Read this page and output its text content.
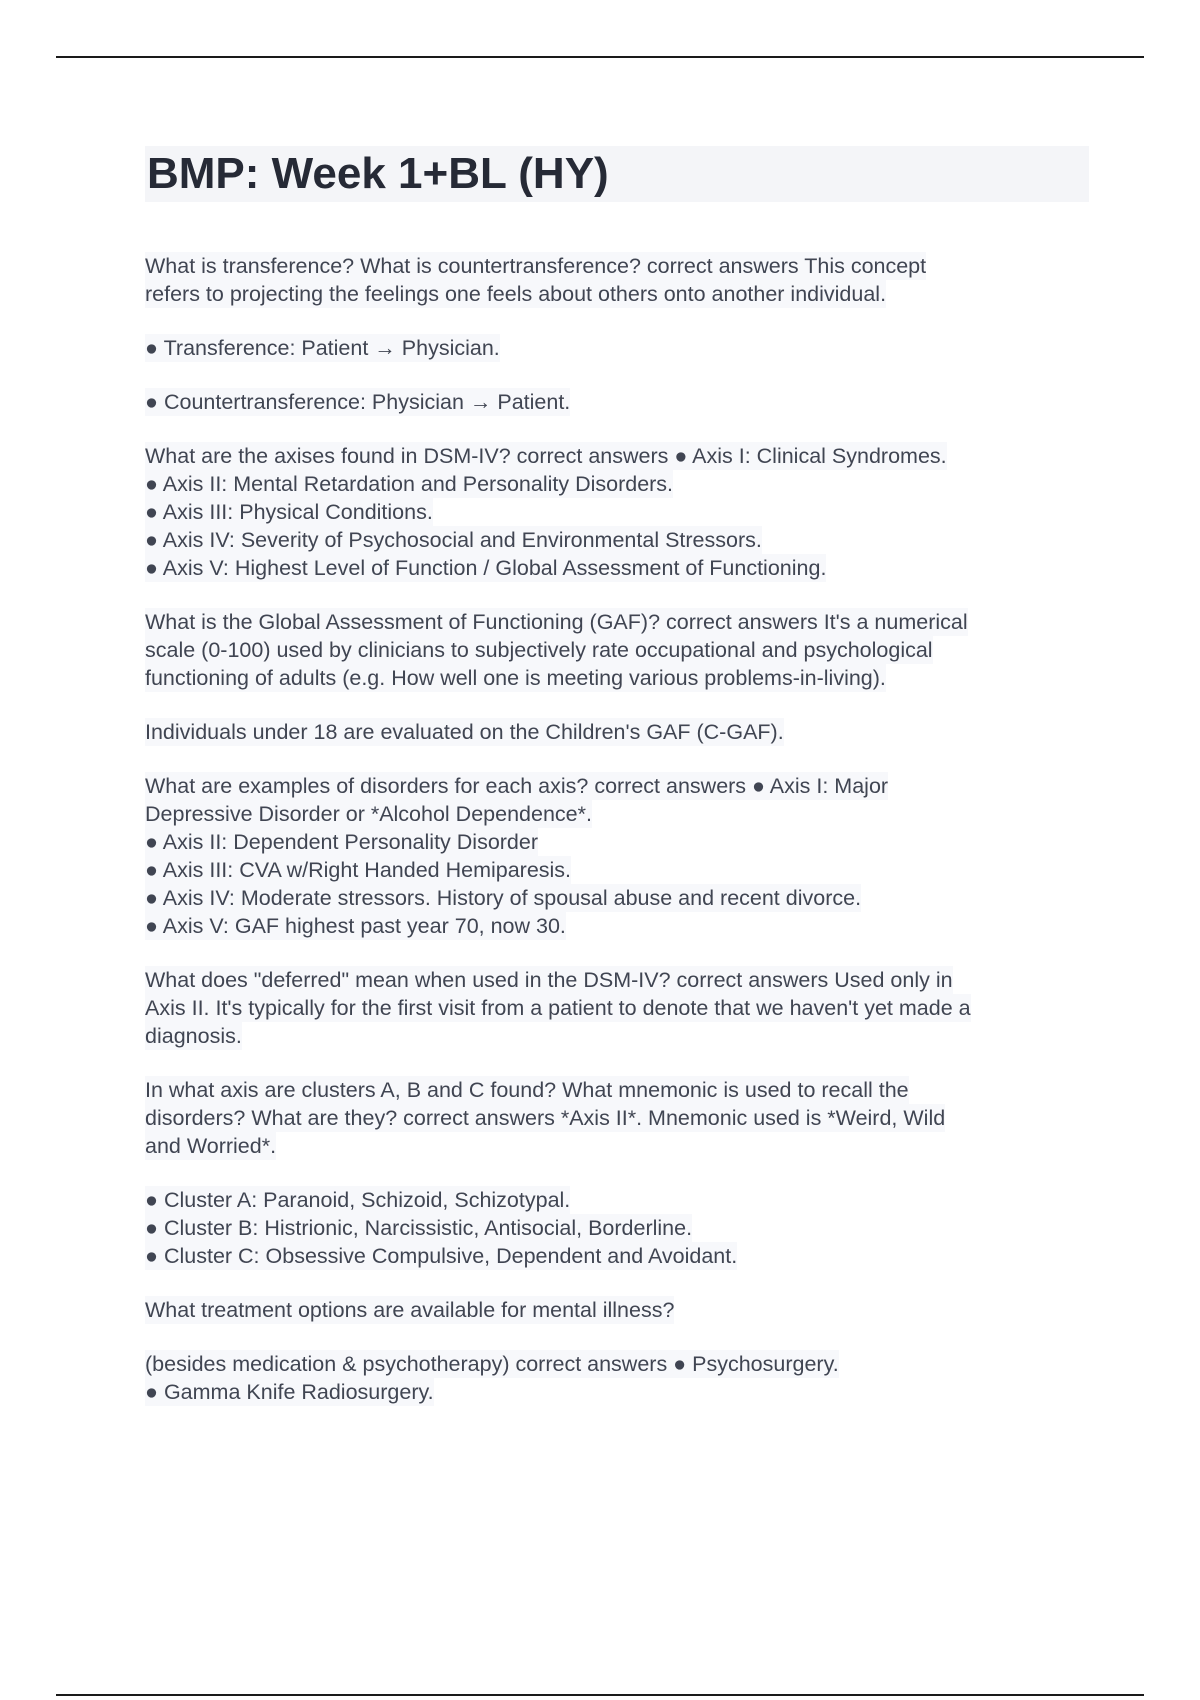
BMP: Week 1+BL (HY)
What is transference? What is countertransference? correct answers This concept
refers to projecting the feelings one feels about others onto another individual.
● Transference: Patient → Physician.
● Countertransference: Physician → Patient.
What are the axises found in DSM-IV? correct answers ● Axis I: Clinical Syndromes.
● Axis II: Mental Retardation and Personality Disorders.
● Axis III: Physical Conditions.
● Axis IV: Severity of Psychosocial and Environmental Stressors.
● Axis V: Highest Level of Function / Global Assessment of Functioning.
What is the Global Assessment of Functioning (GAF)? correct answers It's a numerical
scale (0-100) used by clinicians to subjectively rate occupational and psychological
functioning of adults (e.g. How well one is meeting various problems-in-living).
Individuals under 18 are evaluated on the Children's GAF (C-GAF).
What are examples of disorders for each axis? correct answers ● Axis I: Major
Depressive Disorder or *Alcohol Dependence*.
● Axis II: Dependent Personality Disorder
● Axis III: CVA w/Right Handed Hemiparesis.
● Axis IV: Moderate stressors. History of spousal abuse and recent divorce.
● Axis V: GAF highest past year 70, now 30.
What does "deferred" mean when used in the DSM-IV? correct answers Used only in
Axis II. It's typically for the first visit from a patient to denote that we haven't yet made a
diagnosis.
In what axis are clusters A, B and C found? What mnemonic is used to recall the
disorders? What are they? correct answers *Axis II*. Mnemonic used is *Weird, Wild
and Worried*.
● Cluster A: Paranoid, Schizoid, Schizotypal.
● Cluster B: Histrionic, Narcissistic, Antisocial, Borderline.
● Cluster C: Obsessive Compulsive, Dependent and Avoidant.
What treatment options are available for mental illness?
(besides medication & psychotherapy) correct answers ● Psychosurgery.
● Gamma Knife Radiosurgery.
